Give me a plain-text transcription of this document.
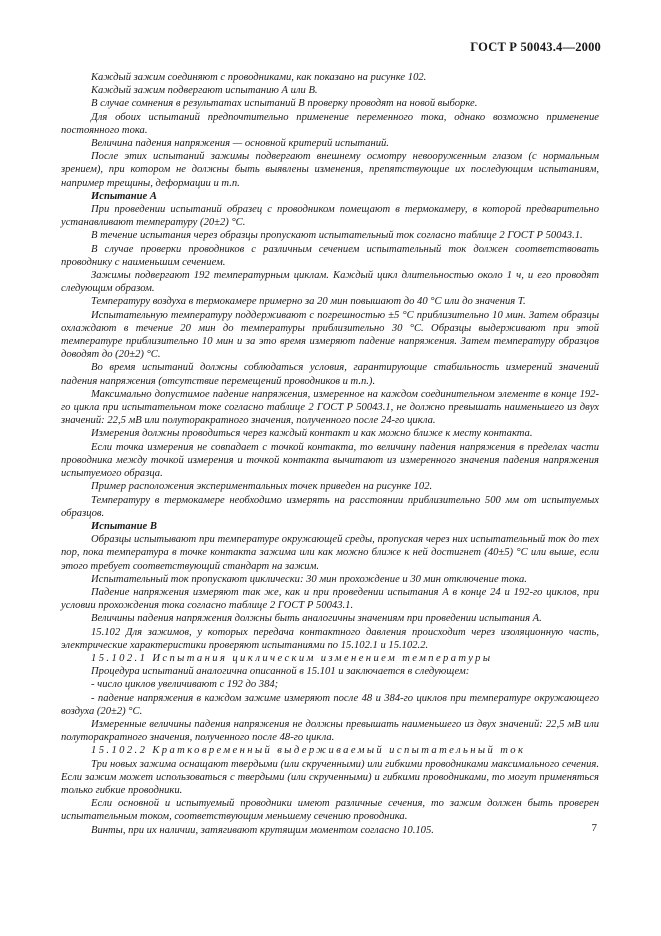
ГОСТ Р 50043.4—2000

Каждый зажим соединяют с проводниками, как показано на рисунке 102.

Каждый зажим подвергают испытанию А или В.

В случае сомнения в результатах испытаний В проверку проводят на новой выборке.

Для обоих испытаний предпочтительно применение переменного тока, однако возможно применение постоянного тока.

Величина падения напряжения — основной критерий испытаний.

После этих испытаний зажимы подвергают внешнему осмотру невооруженным глазом (с нормальным зрением), при котором не должны быть выявлены изменения, препятствующие их последующим испытаниям, например трещины, деформации и т.п.

Испытание А

При проведении испытаний образец с проводником помещают в термокамеру, в которой предварительно устанавливают температуру (20±2) °С.

В течение испытания через образцы пропускают испытательный ток согласно таблице 2 ГОСТ Р 50043.1.

В случае проверки проводников с различным сечением испытательный ток должен соответствовать проводнику с наименьшим сечением.

Зажимы подвергают 192 температурным циклам. Каждый цикл длительностью около 1 ч, и его проводят следующим образом.

Температуру воздуха в термокамере примерно за 20 мин повышают до 40 °С или до значения Т.

Испытательную температуру поддерживают с погрешностью ±5 °С приблизительно 10 мин. Затем образцы охлаждают в течение 20 мин до температуры приблизительно 30 °С. Образцы выдерживают при этой температуре приблизительно 10 мин и за это время измеряют падение напряжения. Затем температуру образцов доводят до (20±2) °С.

Во время испытаний должны соблюдаться условия, гарантирующие стабильность измерений значений падения напряжения (отсутствие перемещений проводников и т.п.).

Максимально допустимое падение напряжения, измеренное на каждом соединительном элементе в конце 192-го цикла при испытательном токе согласно таблице 2 ГОСТ Р 50043.1, не должно превышать наименьшего из двух значений: 22,5 мВ или полуторакратного значения, полученного после 24-го цикла.

Измерения должны проводиться через каждый контакт и как можно ближе к месту контакта.

Если точка измерения не совпадает с точкой контакта, то величину падения напряжения в пределах части проводника между точкой измерения и точкой контакта вычитают из измеренного значения падения напряжения испытуемого образца.

Пример расположения экспериментальных точек приведен на рисунке 102.

Температуру в термокамере необходимо измерять на расстоянии приблизительно 500 мм от испытуемых образцов.

Испытание В

Образцы испытывают при температуре окружающей среды, пропуская через них испытательный ток до тех пор, пока температура в точке контакта зажима или как можно ближе к ней достигнет (40±5) °С или выше, если этого требует соответствующий стандарт на зажим.

Испытательный ток пропускают циклически: 30 мин прохождение и 30 мин отключение тока.

Падение напряжения измеряют так же, как и при проведении испытания А в конце 24 и 192-го циклов, при условии прохождения тока согласно таблице 2 ГОСТ Р 50043.1.

Величины падения напряжения должны быть аналогичны значениям при проведении испытания А.

15.102 Для зажимов, у которых передача контактного давления происходит через изоляционную часть, электрические характеристики проверяют испытаниями по 15.102.1 и 15.102.2.

15.102.1 Испытания циклическим изменением температуры

Процедура испытаний аналогична описанной в 15.101 и заключается в следующем:

- число циклов увеличивают с 192 до 384;

- падение напряжения в каждом зажиме измеряют после 48 и 384-го циклов при температуре окружающего воздуха (20±2) °С.

Измеренные величины падения напряжения не должны превышать наименьшего из двух значений: 22,5 мВ или полуторакратного значения, полученного после 48-го цикла.

15.102.2 Кратковременный выдерживаемый испытательный ток

Три новых зажима оснащают твердыми (или скрученными) или гибкими проводниками максимального сечения. Если зажим может использоваться с твердыми (или скрученными) и гибкими проводниками, то могут применяться только гибкие проводники.

Если основной и испытуемый проводники имеют различные сечения, то зажим должен быть проверен испытательным током, соответствующим меньшему сечению проводника.

Винты, при их наличии, затягивают крутящим моментом согласно 10.105.	7
